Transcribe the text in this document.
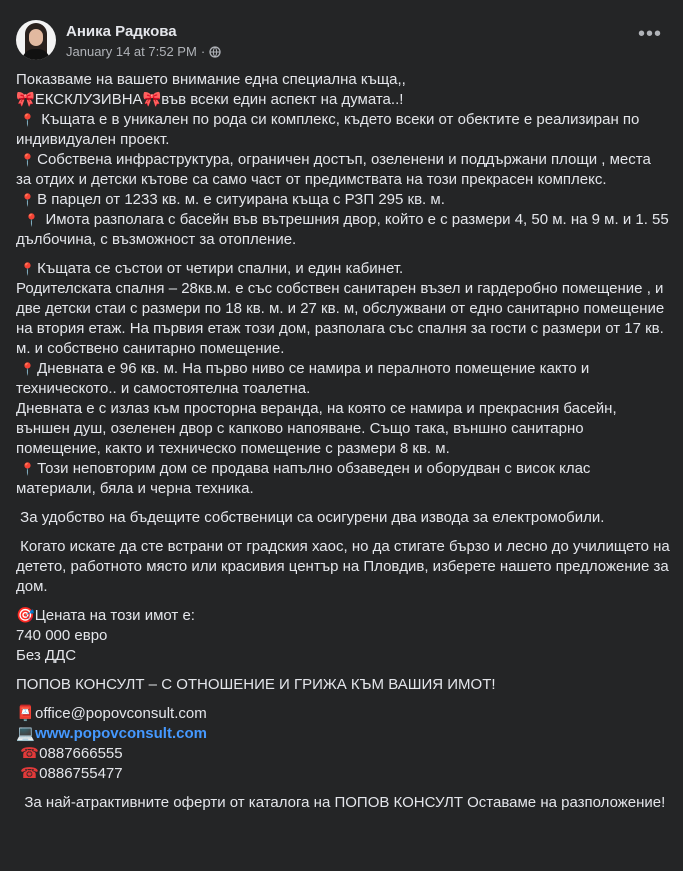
Аника Радкова
January 14 at 7:52 PM ·
•••

Показваме на вашето внимание една специална къща,,

🎀ЕКСКЛУЗИВНА🎀във всеки един аспект на думата..!

📍 Къщата е в уникален по рода си комплекс, където всеки от обектите е реализиран по индивидуален проект.

📍 Собствена инфраструктура, ограничен достъп, озеленени и поддържани площи , места за отдих и детски кътове са само част от предимствата на този прекрасен комплекс.

📍 В парцел от 1233 кв. м. е ситуирана къща с РЗП 295 кв. м.

📍 Имота разполага с басейн във вътрешния двор, който е с размери 4, 50 м. на 9 м. и 1. 55 дълбочина, с възможност за отопление.

📍 Къщата се състои от четири спални, и един кабинет.

Родителската спалня – 28кв.м. е със собствен санитарен възел и гардеробно помещение , и две детски стаи с размери по 18 кв. м. и 27 кв. м, обслужвани от едно санитарно помещение

на втория етаж. На първия етаж този дом, разполага със спалня за гости с размери от 17 кв. м. и собствено санитарно помещение.

📍 Дневната е 96 кв. м. На първо ниво се намира и пералното помещение както и техническото.. и самостоятелна тоалетна.

Дневната е с излаз към просторна веранда, на която се намира и прекрасния басейн, външен душ, озеленен двор с капково напояване. Също така, външно санитарно помещение, както и техническо помещение с размери 8 кв. м.

📍 Този неповторим дом се продава напълно обзаведен и оборудван с висок клас материали, бяла и черна техника.

За удобство на бъдещите собственици са осигурени два извода за електромобили.

Когато искате да сте встрани от градския хаос, но да стигате бързо и лесно до училището на детето, работното място или красивия център на Пловдив, изберете нашето предложение за дом.

🎯Цената на този имот е:

740 000 евро

Без ДДС

ПОПОВ КОНСУЛТ – С ОТНОШЕНИЕ И ГРИЖА КЪМ ВАШИЯ ИМОТ!

📮office@popovconsult.com

💻www.popovconsult.com

☎0887666555

☎0886755477

За най-атрактивните оферти от каталога на ПОПОВ КОНСУЛТ Оставаме на разположение!
